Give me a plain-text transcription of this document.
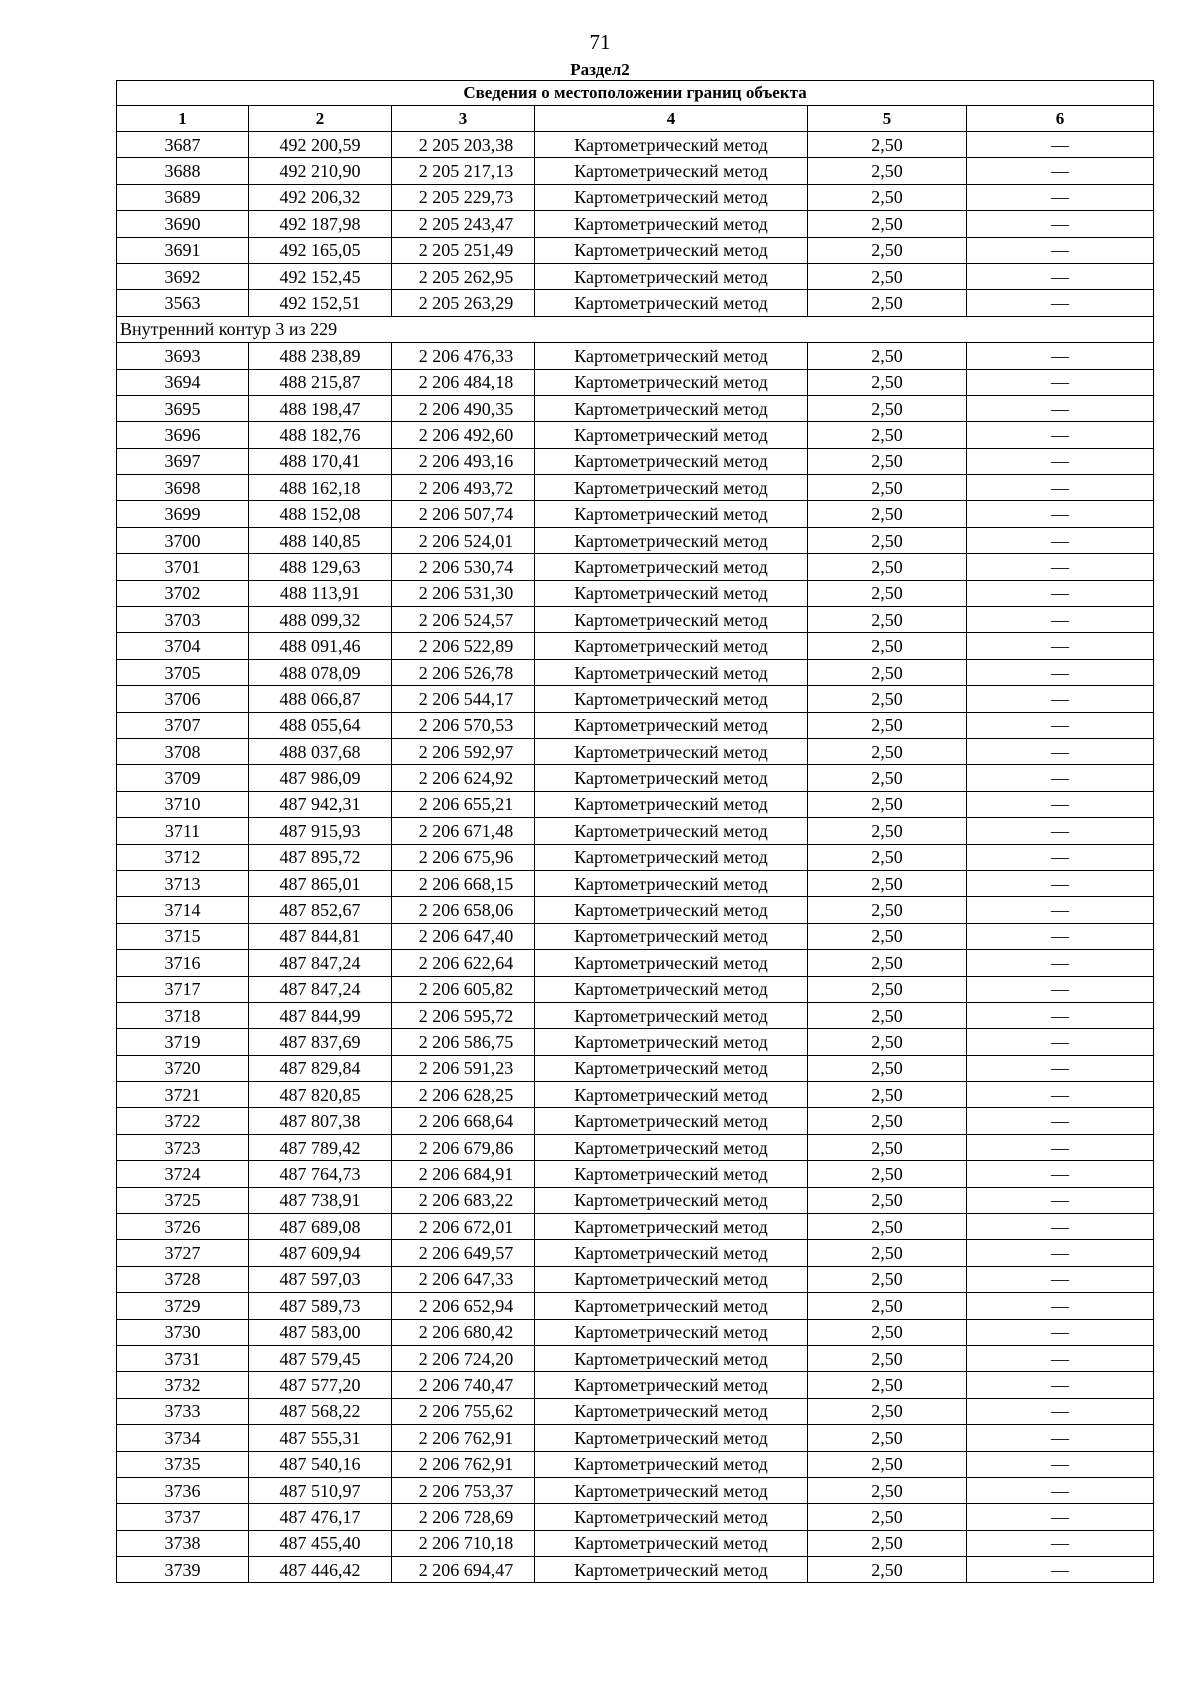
71
Раздел2
Сведения о местоположении границ объекта					
1	2	3	4	5	6
3687	492 200,59	2 205 203,38	Картометрический метод	2,50	—
3688	492 210,90	2 205 217,13	Картометрический метод	2,50	—
3689	492 206,32	2 205 229,73	Картометрический метод	2,50	—
3690	492 187,98	2 205 243,47	Картометрический метод	2,50	—
3691	492 165,05	2 205 251,49	Картометрический метод	2,50	—
3692	492 152,45	2 205 262,95	Картометрический метод	2,50	—
3563	492 152,51	2 205 263,29	Картометрический метод	2,50	—
Внутренний контур 3 из 229					
3693	488 238,89	2 206 476,33	Картометрический метод	2,50	—
3694	488 215,87	2 206 484,18	Картометрический метод	2,50	—
3695	488 198,47	2 206 490,35	Картометрический метод	2,50	—
3696	488 182,76	2 206 492,60	Картометрический метод	2,50	—
3697	488 170,41	2 206 493,16	Картометрический метод	2,50	—
3698	488 162,18	2 206 493,72	Картометрический метод	2,50	—
3699	488 152,08	2 206 507,74	Картометрический метод	2,50	—
3700	488 140,85	2 206 524,01	Картометрический метод	2,50	—
3701	488 129,63	2 206 530,74	Картометрический метод	2,50	—
3702	488 113,91	2 206 531,30	Картометрический метод	2,50	—
3703	488 099,32	2 206 524,57	Картометрический метод	2,50	—
3704	488 091,46	2 206 522,89	Картометрический метод	2,50	—
3705	488 078,09	2 206 526,78	Картометрический метод	2,50	—
3706	488 066,87	2 206 544,17	Картометрический метод	2,50	—
3707	488 055,64	2 206 570,53	Картометрический метод	2,50	—
3708	488 037,68	2 206 592,97	Картометрический метод	2,50	—
3709	487 986,09	2 206 624,92	Картометрический метод	2,50	—
3710	487 942,31	2 206 655,21	Картометрический метод	2,50	—
3711	487 915,93	2 206 671,48	Картометрический метод	2,50	—
3712	487 895,72	2 206 675,96	Картометрический метод	2,50	—
3713	487 865,01	2 206 668,15	Картометрический метод	2,50	—
3714	487 852,67	2 206 658,06	Картометрический метод	2,50	—
3715	487 844,81	2 206 647,40	Картометрический метод	2,50	—
3716	487 847,24	2 206 622,64	Картометрический метод	2,50	—
3717	487 847,24	2 206 605,82	Картометрический метод	2,50	—
3718	487 844,99	2 206 595,72	Картометрический метод	2,50	—
3719	487 837,69	2 206 586,75	Картометрический метод	2,50	—
3720	487 829,84	2 206 591,23	Картометрический метод	2,50	—
3721	487 820,85	2 206 628,25	Картометрический метод	2,50	—
3722	487 807,38	2 206 668,64	Картометрический метод	2,50	—
3723	487 789,42	2 206 679,86	Картометрический метод	2,50	—
3724	487 764,73	2 206 684,91	Картометрический метод	2,50	—
3725	487 738,91	2 206 683,22	Картометрический метод	2,50	—
3726	487 689,08	2 206 672,01	Картометрический метод	2,50	—
3727	487 609,94	2 206 649,57	Картометрический метод	2,50	—
3728	487 597,03	2 206 647,33	Картометрический метод	2,50	—
3729	487 589,73	2 206 652,94	Картометрический метод	2,50	—
3730	487 583,00	2 206 680,42	Картометрический метод	2,50	—
3731	487 579,45	2 206 724,20	Картометрический метод	2,50	—
3732	487 577,20	2 206 740,47	Картометрический метод	2,50	—
3733	487 568,22	2 206 755,62	Картометрический метод	2,50	—
3734	487 555,31	2 206 762,91	Картометрический метод	2,50	—
3735	487 540,16	2 206 762,91	Картометрический метод	2,50	—
3736	487 510,97	2 206 753,37	Картометрический метод	2,50	—
3737	487 476,17	2 206 728,69	Картометрический метод	2,50	—
3738	487 455,40	2 206 710,18	Картометрический метод	2,50	—
3739	487 446,42	2 206 694,47	Картометрический метод	2,50	—
